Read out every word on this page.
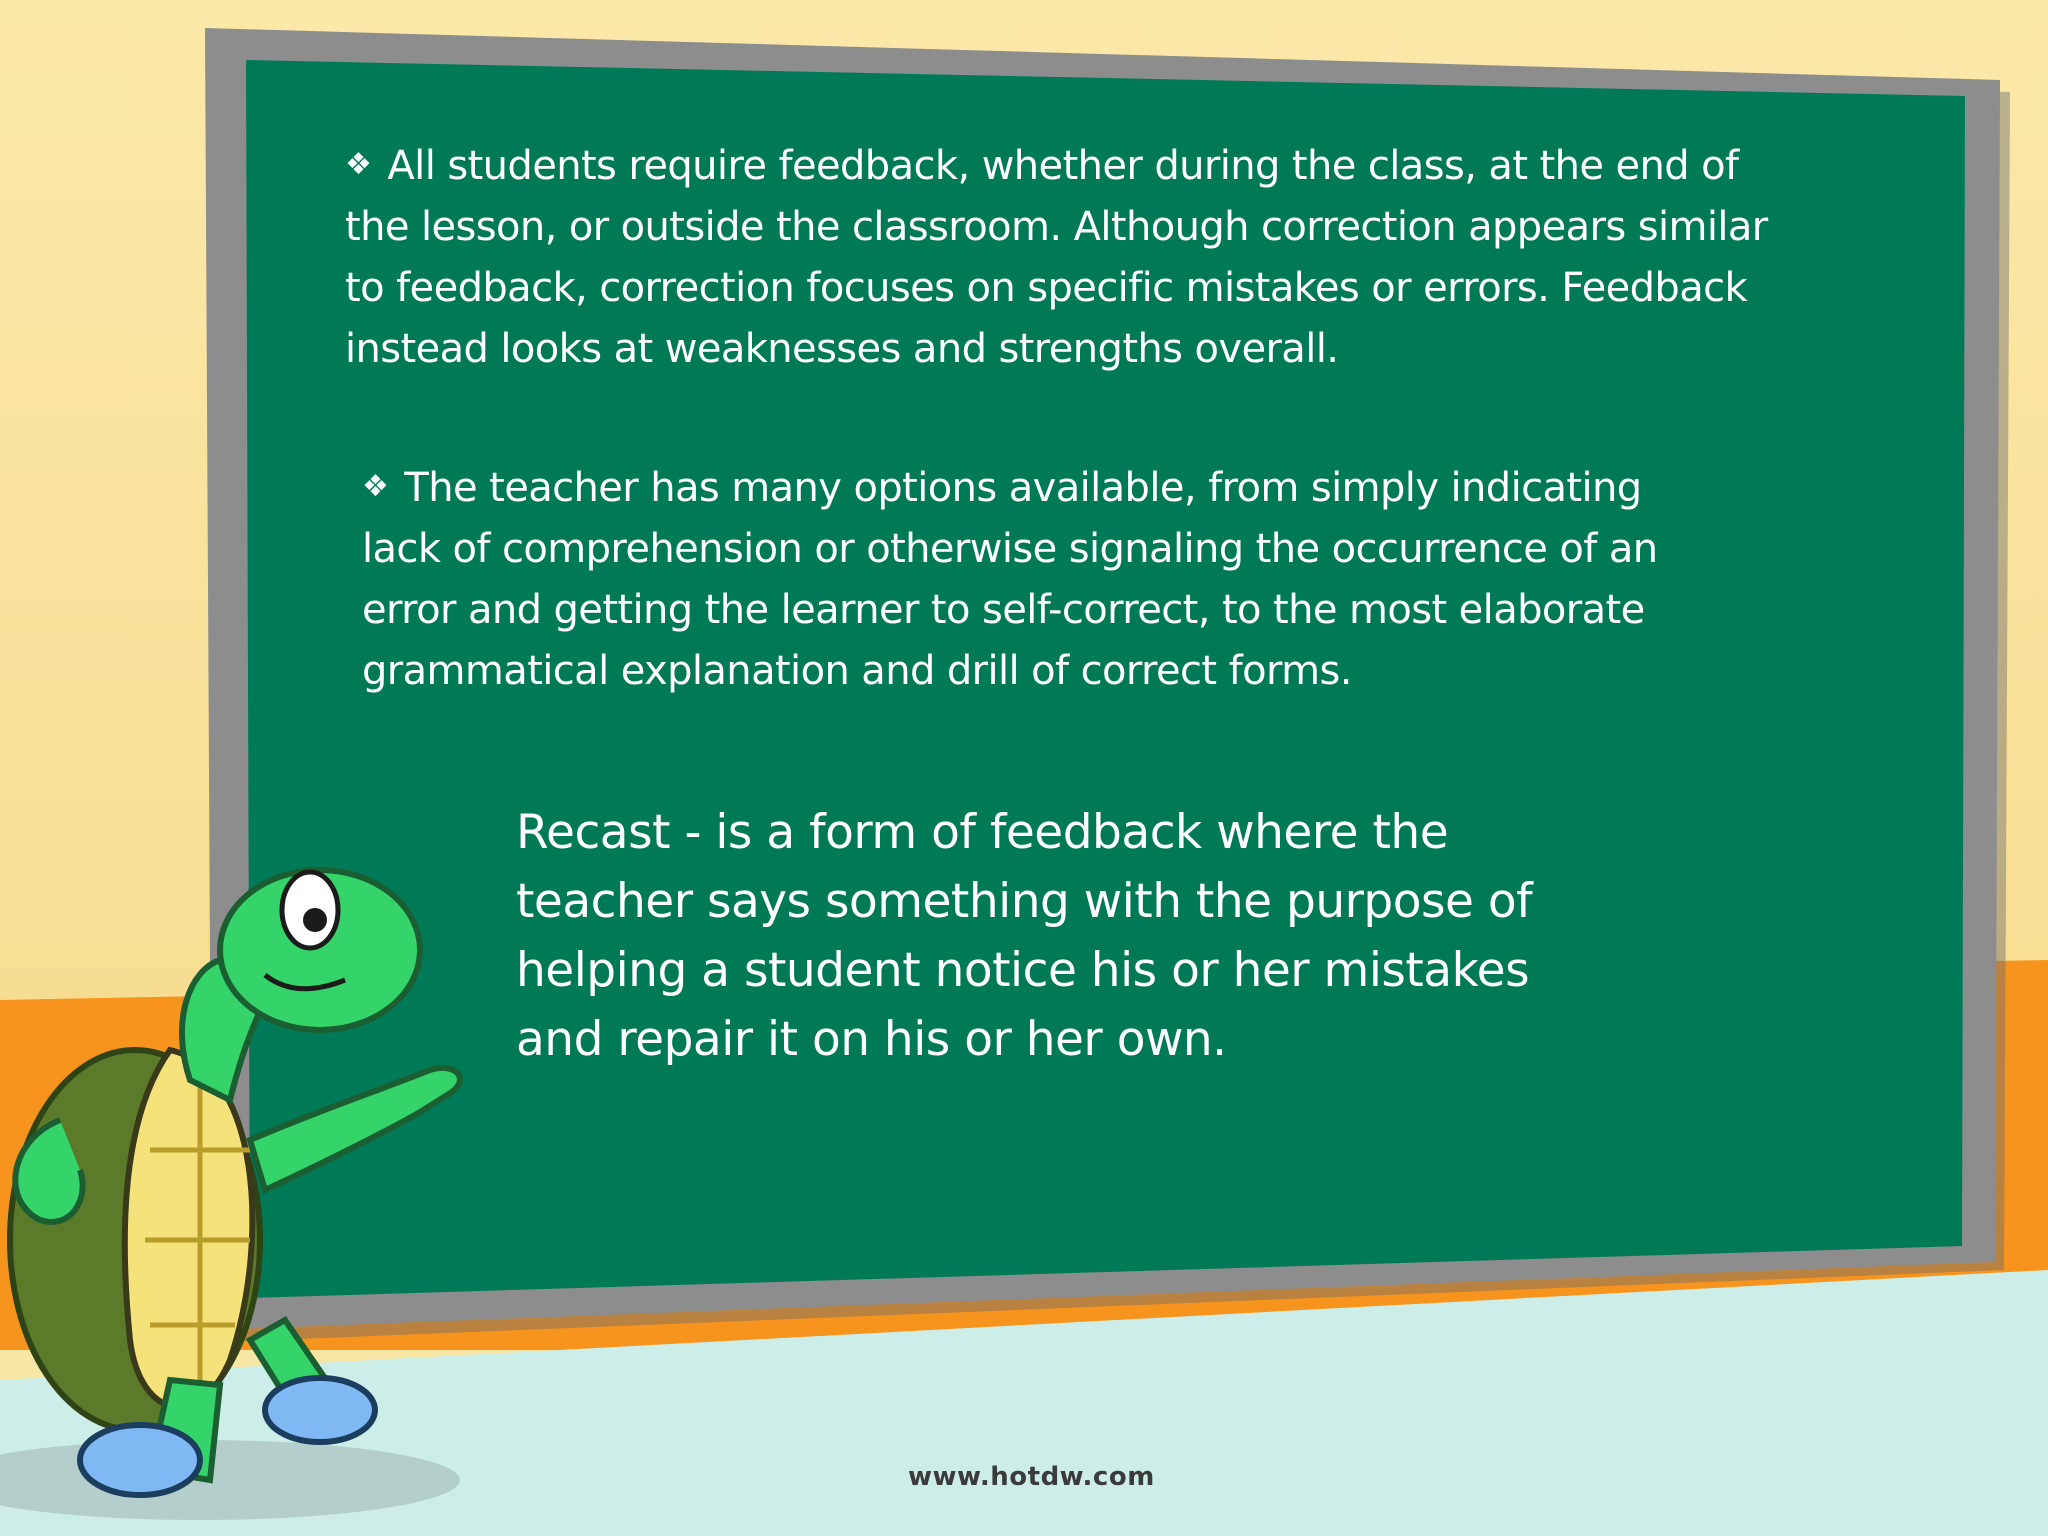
❖ All students require feedback, whether during the class, at the end of
the lesson, or outside the classroom. Although correction appears similar
to feedback, correction focuses on specific mistakes or errors. Feedback
instead looks at weaknesses and strengths overall.
❖ The teacher has many options available, from simply indicating
lack of comprehension or otherwise signaling the occurrence of an
error and getting the learner to self-correct, to the most elaborate
grammatical explanation and drill of correct forms.
Recast - is a form of feedback where the
teacher says something with the purpose of
helping a student notice his or her mistakes
and repair it on his or her own.
www.hotdw.com
